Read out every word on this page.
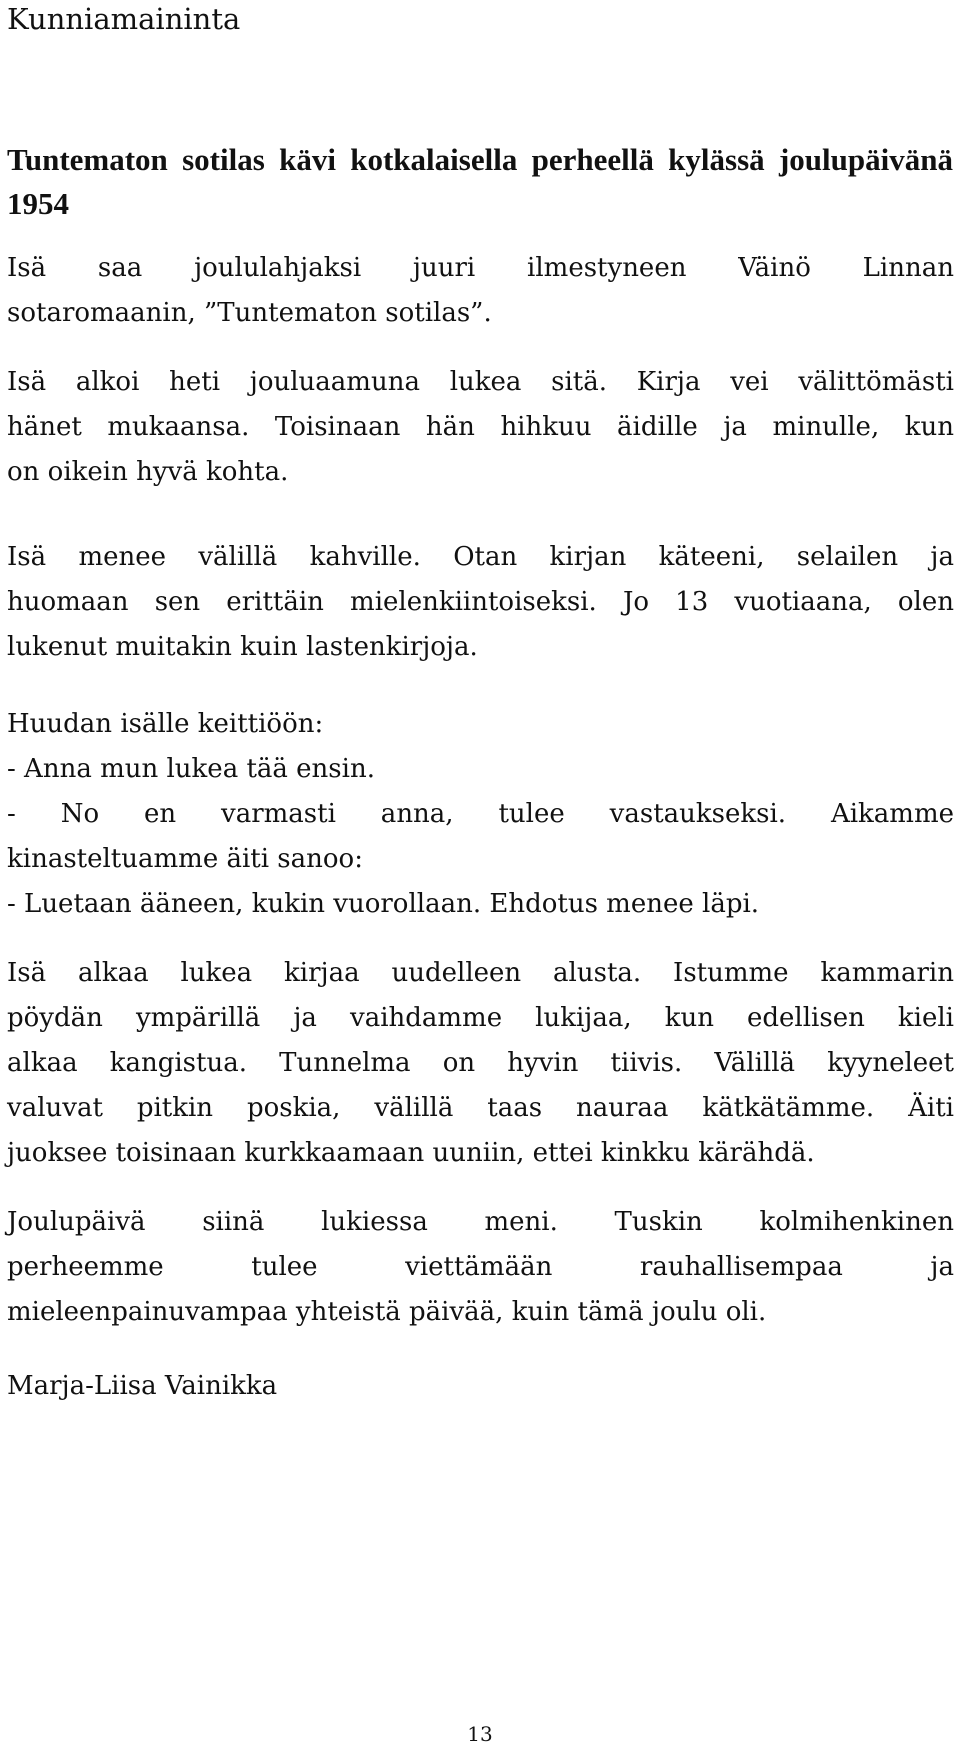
Kunniamaininta
Tuntematon sotilas kävi kotkalaisella perheellä kylässä joulupäivänä 1954

Isä saa joululahjaksi juuri ilmestyneen Väinö Linnan
sotaromaanin, ”Tuntematon sotilas”.

Isä alkoi heti jouluaamuna lukea sitä. Kirja vei välittömästi
hänet mukaansa. Toisinaan hän hihkuu äidille ja minulle, kun
on oikein hyvä kohta.

Isä menee välillä kahville. Otan kirjan käteeni, selailen ja
huomaan sen erittäin mielenkiintoiseksi. Jo 13 vuotiaana, olen
lukenut muitakin kuin lastenkirjoja.

Huudan isälle keittiöön:
- Anna mun lukea tää ensin.
- No en varmasti anna, tulee vastaukseksi. Aikamme
kinasteltuamme äiti sanoo:
- Luetaan ääneen, kukin vuorollaan. Ehdotus menee läpi.

Isä alkaa lukea kirjaa uudelleen alusta. Istumme kammarin
pöydän ympärillä ja vaihdamme lukijaa, kun edellisen kieli
alkaa kangistua. Tunnelma on hyvin tiivis. Välillä kyyneleet
valuvat pitkin poskia, välillä taas nauraa kätkätämme. Äiti
juoksee toisinaan kurkkaamaan uuniin, ettei kinkku kärähdä.

Joulupäivä siinä lukiessa meni. Tuskin kolmihenkinen
perheemme tulee viettämään rauhallisempaa ja
mieleenpainuvampaa yhteistä päivää, kuin tämä joulu oli.

Marja-Liisa Vainikka

13
